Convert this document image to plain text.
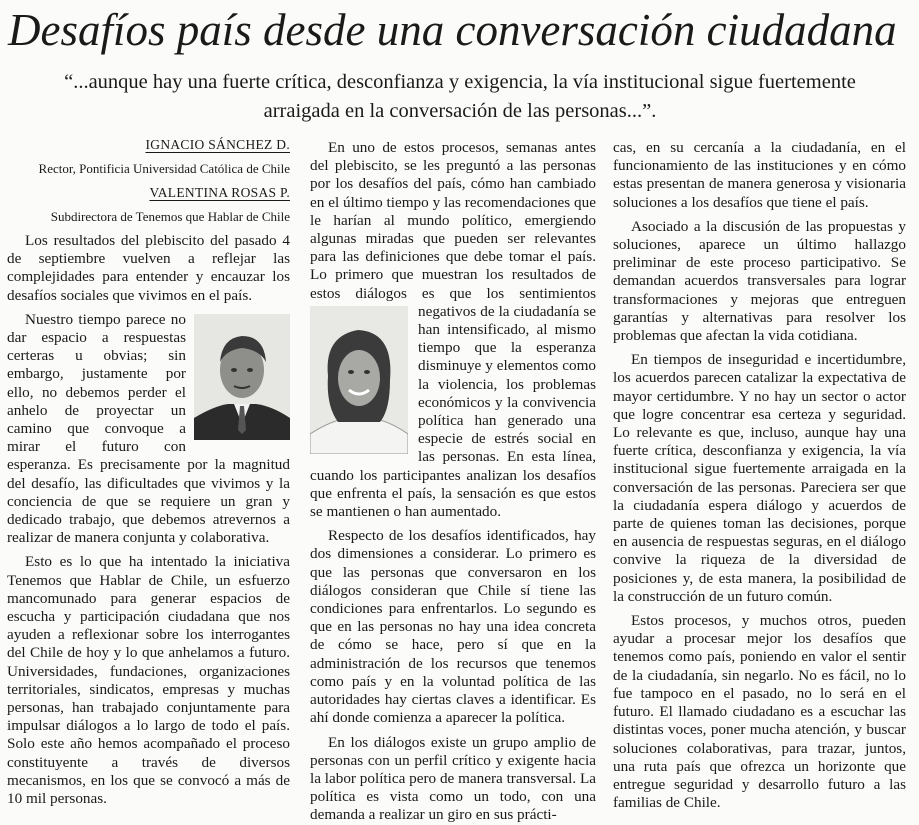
Desafíos país desde una conversación ciudadana
“...aunque hay una fuerte crítica, desconfianza y exigencia, la vía institucional sigue fuertemente arraigada en la conversación de las personas...”.

IGNACIO SÁNCHEZ D.

Rector, Pontificia Universidad Católica de Chile

VALENTINA ROSAS P.

Subdirectora de Tenemos que Hablar de Chile

Los resultados del plebiscito del pasado 4 de septiembre vuelven a reflejar las complejidades para entender y encauzar los desafíos sociales que vivimos en el país.

Nuestro tiempo parece no dar espacio a respuestas certeras u obvias; sin embargo, justamente por ello, no debemos perder el anhelo de proyectar un camino que convoque a mirar el futuro con esperanza. Es precisamente por la magnitud del desafío, las dificultades que vivimos y la conciencia de que se requiere un gran y dedicado trabajo, que debemos atrevernos a realizar de manera conjunta y colaborativa.

Esto es lo que ha intentado la iniciativa Tenemos que Hablar de Chile, un esfuerzo mancomunado para generar espacios de escucha y participación ciudadana que nos ayuden a reflexionar sobre los interrogantes del Chile de hoy y lo que anhelamos a futuro. Universidades, fundaciones, organizaciones territoriales, sindicatos, empresas y muchas personas, han trabajado conjuntamente para impulsar diálogos a lo largo de todo el país. Solo este año hemos acompañado el proceso constituyente a través de diversos mecanismos, en los que se convocó a más de 10 mil personas.

En uno de estos procesos, semanas antes del plebiscito, se les preguntó a las personas por los desafíos del país, cómo han cambiado en el último tiempo y las recomendaciones que le harían al mundo político, emergiendo algunas miradas que pueden ser relevantes para las definiciones que debe tomar el país. Lo primero que muestran los resultados de estos diálogos es que los sentimientos negativos de la ciudadanía se han intensificado, al mismo tiempo que la esperanza disminuye y elementos como la violencia, los problemas económicos y la convivencia política han generado una especie de estrés social en las personas. En esta línea, cuando los participantes analizan los desafíos que enfrenta el país, la sensación es que estos se mantienen o han aumentado.

Respecto de los desafíos identificados, hay dos dimensiones a considerar. Lo primero es que las personas que conversaron en los diálogos consideran que Chile sí tiene las condiciones para enfrentarlos. Lo segundo es que en las personas no hay una idea concreta de cómo se hace, pero sí que en la administración de los recursos que tenemos como país y en la voluntad política de las autoridades hay ciertas claves a identificar. Es ahí donde comienza a aparecer la política.

En los diálogos existe un grupo amplio de personas con un perfil crítico y exigente hacia la labor política pero de manera transversal. La política es vista como un todo, con una demanda a realizar un giro en sus prácti-

cas, en su cercanía a la ciudadanía, en el funcionamiento de las instituciones y en cómo estas presentan de manera generosa y visionaria soluciones a los desafíos que tiene el país.

Asociado a la discusión de las propuestas y soluciones, aparece un último hallazgo preliminar de este proceso participativo. Se demandan acuerdos transversales para lograr transformaciones y mejoras que entreguen garantías y alternativas para resolver los problemas que afectan la vida cotidiana.

En tiempos de inseguridad e incertidumbre, los acuerdos parecen catalizar la expectativa de mayor certidumbre. Y no hay un sector o actor que logre concentrar esa certeza y seguridad. Lo relevante es que, incluso, aunque hay una fuerte crítica, desconfianza y exigencia, la vía institucional sigue fuertemente arraigada en la conversación de las personas. Pareciera ser que la ciudadanía espera diálogo y acuerdos de parte de quienes toman las decisiones, porque en ausencia de respuestas seguras, en el diálogo convive la riqueza de la diversidad de posiciones y, de esta manera, la posibilidad de la construcción de un futuro común.

Estos procesos, y muchos otros, pueden ayudar a procesar mejor los desafíos que tenemos como país, poniendo en valor el sentir de la ciudadanía, sin negarlo. No es fácil, no lo fue tampoco en el pasado, no lo será en el futuro. El llamado ciudadano es a escuchar las distintas voces, poner mucha atención, y buscar soluciones colaborativas, para trazar, juntos, una ruta país que ofrezca un horizonte que entregue seguridad y desarrollo futuro a las familias de Chile.
